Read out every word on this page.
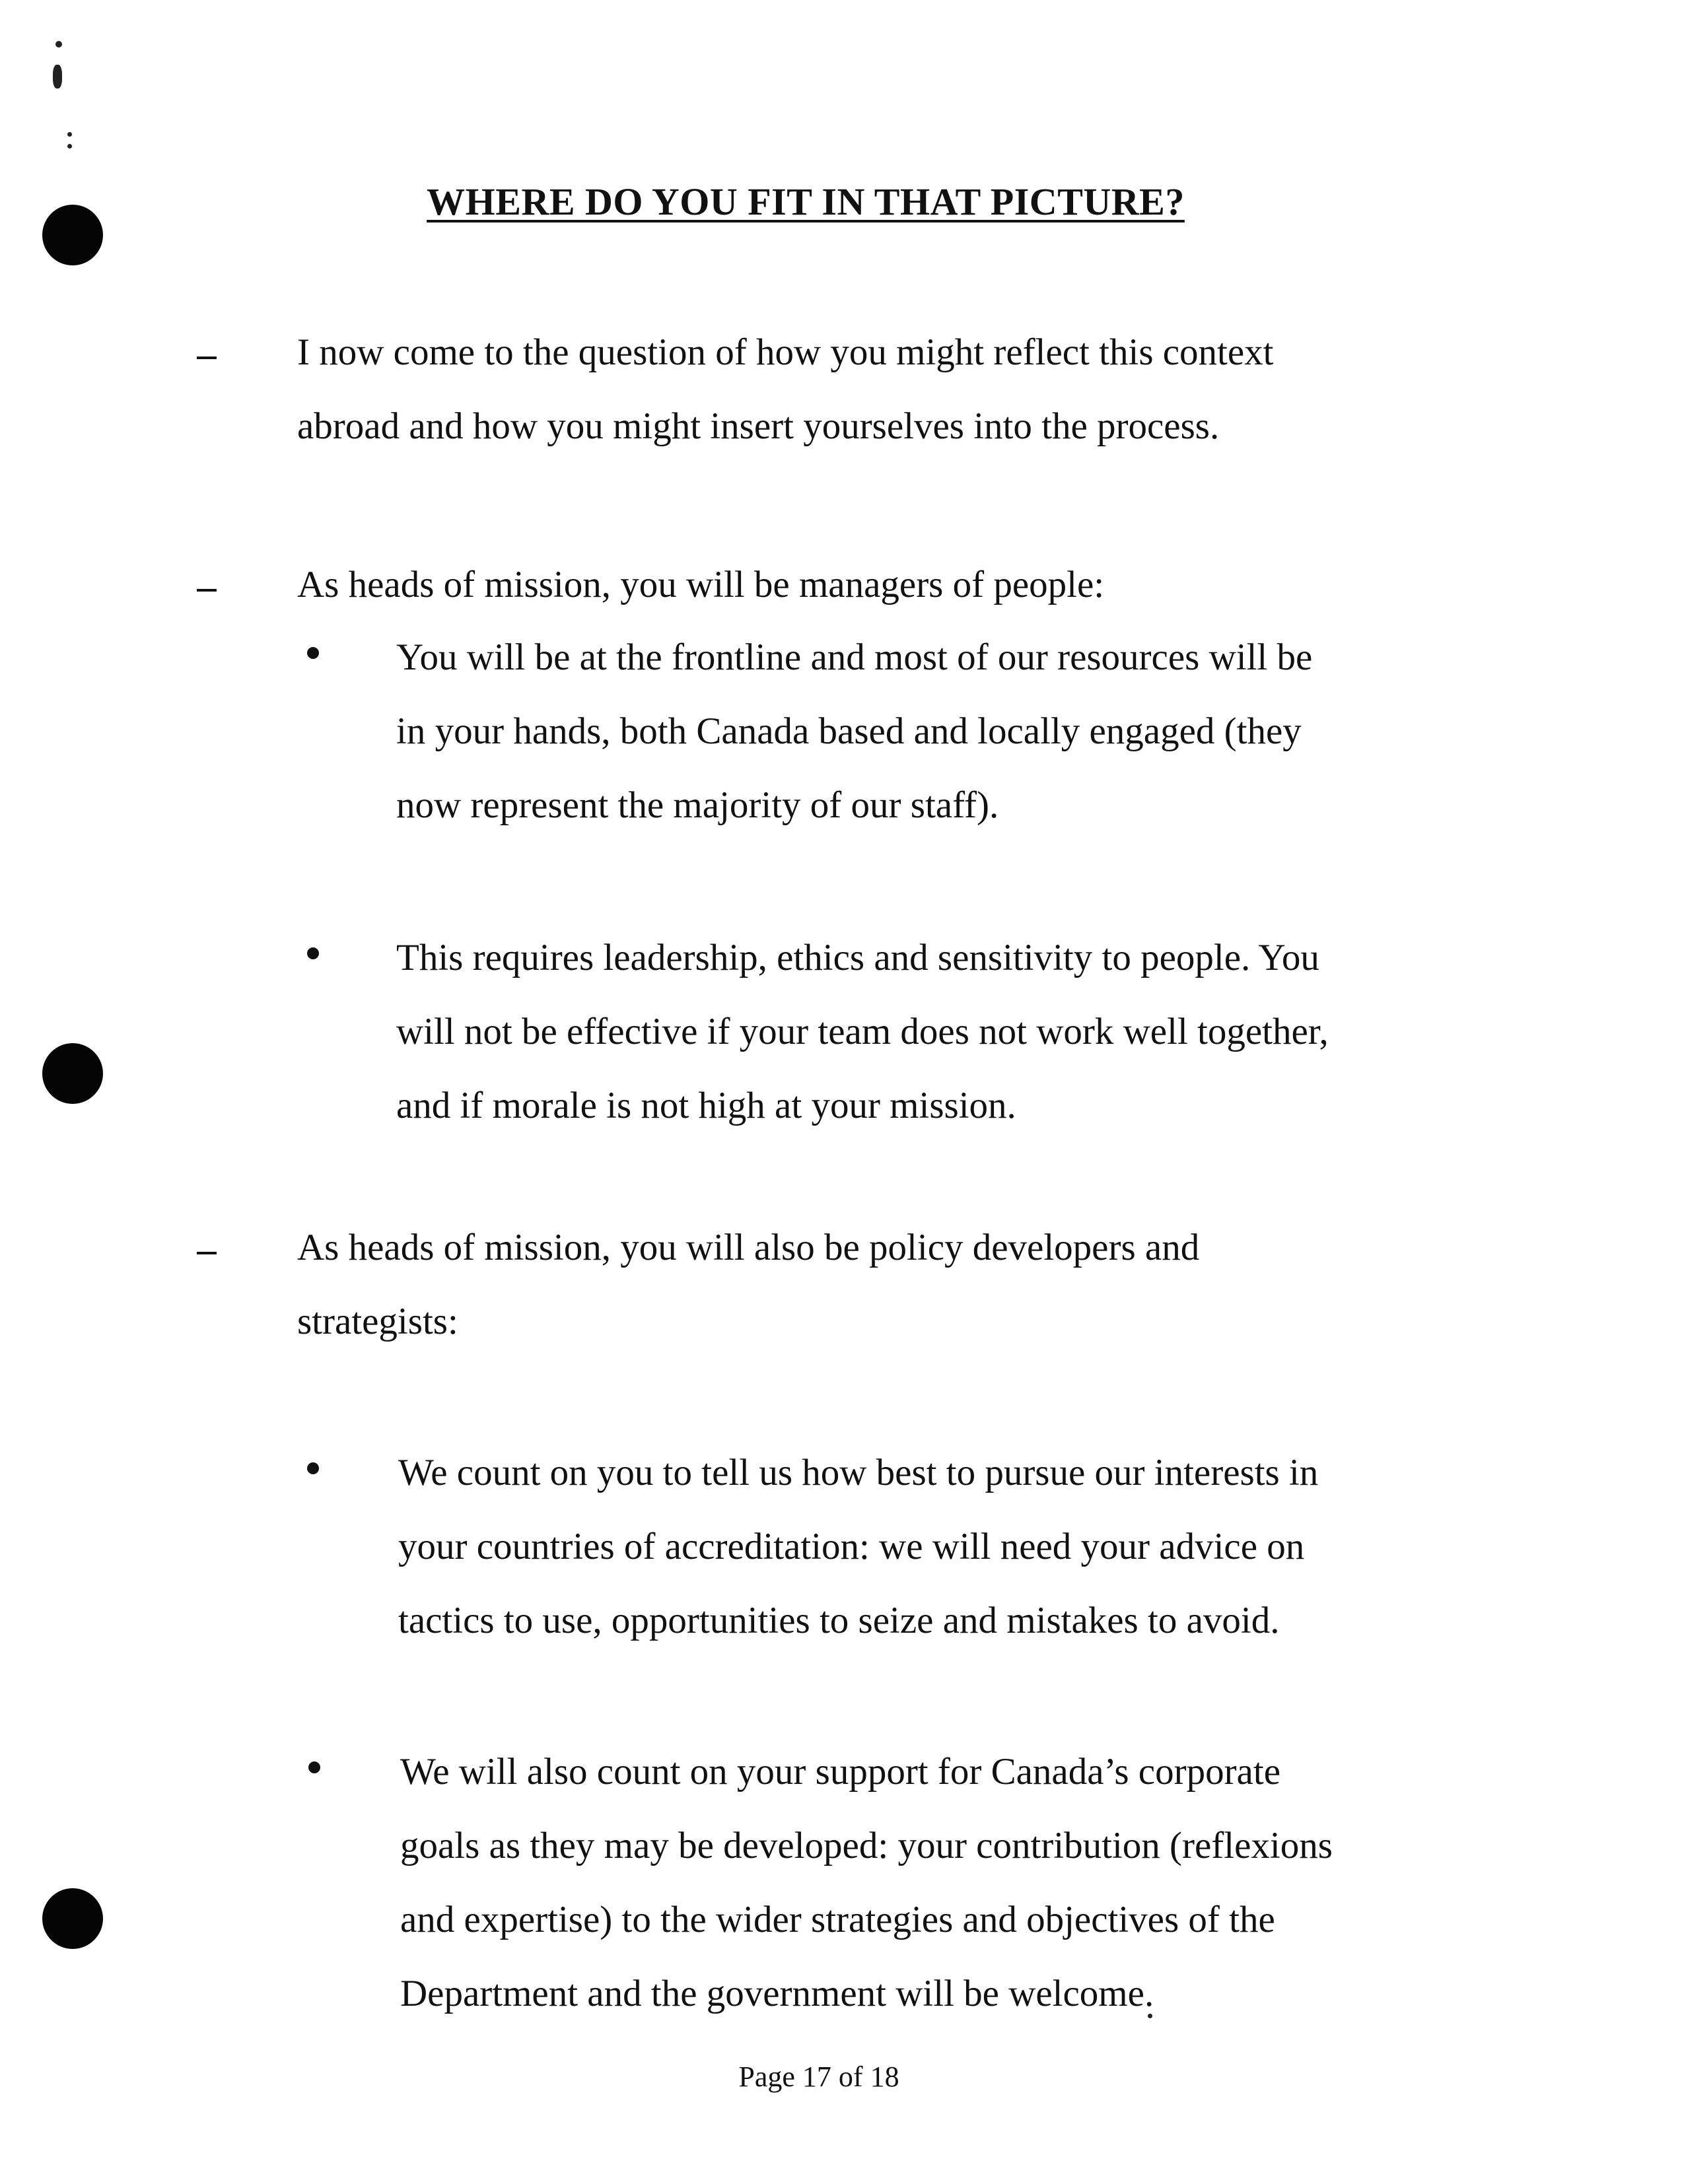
WHERE DO YOU FIT IN THAT PICTURE?

I now come to the question of how you might reflect this context
abroad and how you might insert yourselves into the process.

As heads of mission, you will be managers of people:

You will be at the frontline and most of our resources will be
in your hands, both Canada based and locally engaged (they
now represent the majority of our staff).

This requires leadership, ethics and sensitivity to people. You
will not be effective if your team does not work well together,
and if morale is not high at your mission.

As heads of mission, you will also be policy developers and
strategists:

We count on you to tell us how best to pursue our interests in
your countries of accreditation: we will need your advice on
tactics to use, opportunities to seize and mistakes to avoid.

We will also count on your support for Canada’s corporate
goals as they may be developed: your contribution (reflexions
and expertise) to the wider strategies and objectives of the
Department and the government will be welcome.

Page 17 of 18
